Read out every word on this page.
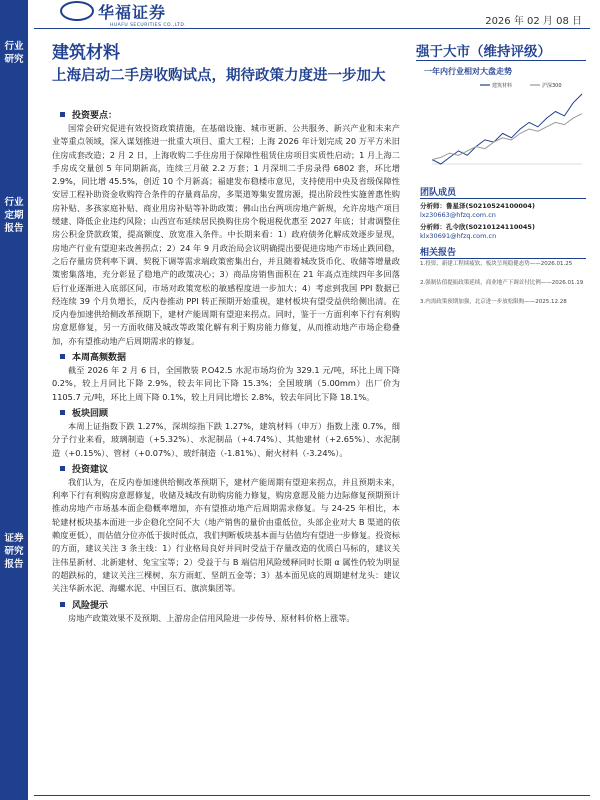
行业研究
行业定期报告
证券研究报告
华福证券
HUAFU SECURITIES CO.,LTD.	2026 年 02 月 08 日
建筑材料
上海启动二手房收购试点，期待政策力度进一步加大
强于大市（维持评级）
一年内行业相对大盘走势
建筑材料	沪深300
团队成员
分析师：鲁星泽(S0210524100004)
lxz30663@hfzq.com.cn
分析师：孔令欣(S0210124110045)
klx30691@hfzq.com.cn
相关报告
1.投资、新建工程续疲软，板块呈现稳健态势——2026.01.25
2.强制估值提振政策延续，商业地产下调首付比例——2026.01.19
3.内需政策预期加强，北京进一步放松限购——2025.12.28
投资要点：

国常会研究促进有效投资政策措施，在基础设施、城市更新、公共服务、新兴产业和未来产业等重点领域，深入谋划推进一批重大项目、重大工程；上海 2026 年计划完成 20 万平方米旧住房成套改造；2 月 2 日，上海收购二手住房用于保障性租赁住房项目实质性启动；1 月上海二手房成交量创 5 年同期新高，连续三月破 2.2 万套；1 月深圳二手房录得 6802 套，环比增 2.9%，同比增 45.5%，创近 10 个月新高；福建发布稳楼市意见，支持使用中央及省级保障性安居工程补助资金收购符合条件的存量商品房，多渠道筹集安置房源，提出阶段性实施普惠性购房补贴、多孩家庭补贴、商业用房补贴等补助政策；佛山出台两项房地产新规，允许房地产项目缓建、降低企业违约风险；山西宣布延续居民换购住房个税退税优惠至 2027 年底；甘肃调整住房公积金贷款政策，提高额度、放宽准入条件。中长期来看：1）政府债务化解成效逐步显现，房地产行业有望迎来改善拐点；2）24 年 9 月政治局会议明确提出要促进房地产市场止跌回稳，之后存量房贷利率下调、契税下调等需求端政策密集出台，并且随着城改货币化、收储等增量政策密集落地，充分彰显了稳地产的政策决心；3）商品房销售面积在 21 年高点连续四年多回落后行业逐渐进入底部区间，市场对政策宽松的敏感程度进一步加大；4）考虑到我国 PPI 数据已经连续 39 个月负增长，反内卷推动 PPI 转正预期开始重视，建材板块有望受益供给侧出清。在反内卷加速供给侧改革预期下，建材产能周期有望迎来拐点。同时，鉴于一方面利率下行有利购房意愿修复，另一方面收储及城改等政策化解有利于购房能力修复，从而推动地产市场企稳叠加，亦有望推动地产后周期需求的修复。

本周高频数据

截至 2026 年 2 月 6 日，全国散装 P.O42.5 水泥市场均价为 329.1 元/吨，环比上周下降 0.2%，较上月同比下降 2.9%，较去年同比下降 15.3%；全国玻璃（5.00mm）出厂价为 1105.7 元/吨，环比上周下降 0.1%，较上月同比增长 2.8%，较去年同比下降 18.1%。

板块回顾

本周上证指数下跌 1.27%，深圳综指下跌 1.27%，建筑材料（申万）指数上涨 0.7%，细分子行业来看，玻璃制造（+5.32%）、水泥制品（+4.74%）、其他建材（+2.65%）、水泥制造（+0.15%）、管材（+0.07%）、玻纤制造（-1.81%）、耐火材料（-3.24%）。

投资建议

我们认为，在反内卷加速供给侧改革预期下，建材产能周期有望迎来拐点，并且预期未来，利率下行有利购房意愿修复，收储及城改有助购房能力修复，购房意愿及能力边际修复预期预计推动房地产市场基本面企稳概率增加，亦有望推动地产后周期需求修复。与 24-25 年相比，本轮建材板块基本面进一步企稳化空间不大（地产销售的量价由重低位，头部企业对大 B 渠道的依赖度更低），而估值分位亦低于拔时低点，我们判断板块基本面与估值均有望进一步修复。投资标的方面，建议关注 3 条主线：1）行业格局良好并同时受益于存量改造的优质白马标的，建议关注伟星新材、北新建材、兔宝宝等；2）受益于与 B 端信用风险缓释同时长期 α 属性仍较为明显的超跌标的，建议关注三棵树、东方雨虹、坚朗五金等；3）基本面见底的周期建材龙头：建议关注华新水泥、海螺水泥、中国巨石、旗滨集团等。

风险提示

房地产政策效果不及预期、上游房企信用风险进一步传导、原材料价格上涨等。
